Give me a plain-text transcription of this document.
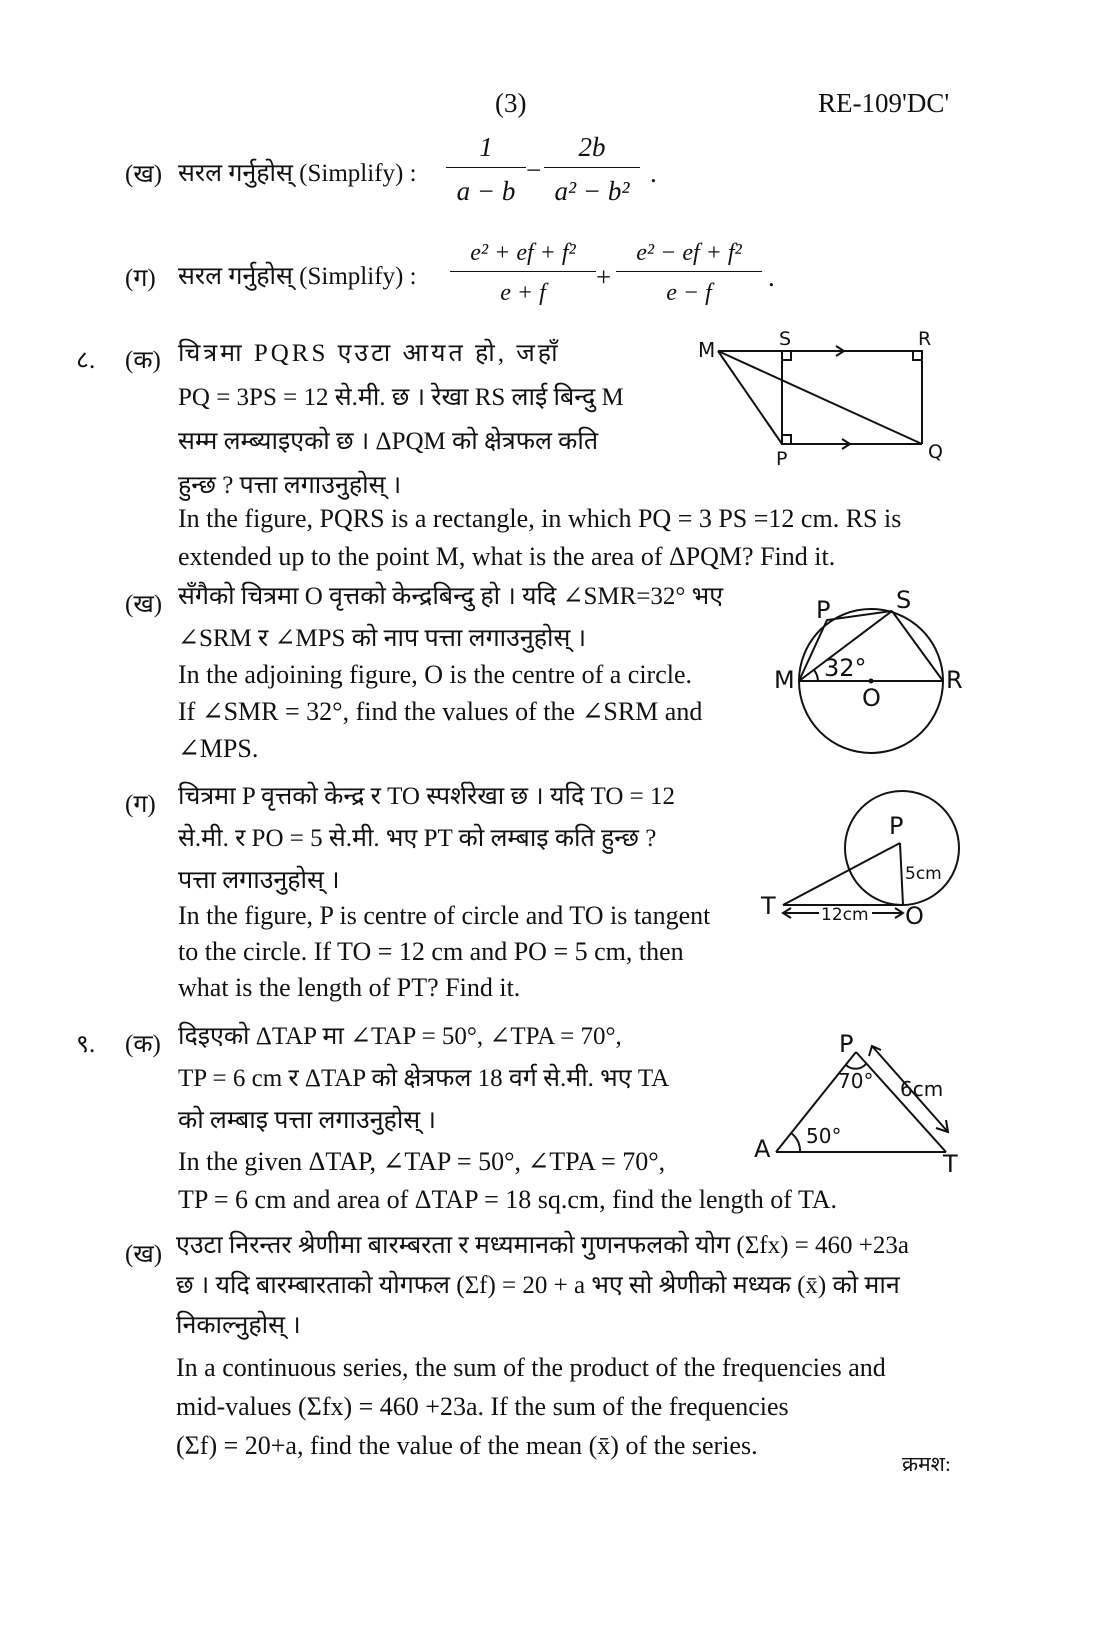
(3)	RE-109'DC'
(ख) सरल गर्नुहोस् (Simplify) : $\frac{1}{a - b} - \frac{2b}{\text{a² − b²}}$ .
(ग) सरल गर्नुहोस् (Simplify) : $\frac{\text{e² + ef + f²}}{e + f} + \frac{\text{e² − ef + f²}}{e - f}$ .
८. (क) चित्रमा PQRS एउटा आयत हो, जहाँ
PQ = 3PS = 12 से.मी. छ । रेखा RS लाई बिन्दु M
सम्म लम्ब्याइएको छ । ΔPQM को क्षेत्रफल कति
हुन्छ ? पत्ता लगाउनुहोस् ।
In the figure, PQRS is a rectangle, in which PQ = 3 PS =12 cm. RS is
extended up to the point M, what is the area of ΔPQM? Find it.
M	S	R
P	Q
(ख) सँगैको चित्रमा O वृत्तको केन्द्रबिन्दु हो । यदि ∠SMR=32° भए
∠SRM र ∠MPS को नाप पत्ता लगाउनुहोस् ।
In the adjoining figure, O is the centre of a circle.
If ∠SMR = 32°, find the values of the ∠SRM and
∠MPS.
P	S
M	R
O
32°
(ग) चित्रमा P वृत्तको केन्द्र र TO स्पर्शरेखा छ । यदि TO = 12
से.मी. र PO = 5 से.मी. भए PT को लम्बाइ कति हुन्छ ?
पत्ता लगाउनुहोस् ।
In the figure, P is centre of circle and TO is tangent
to the circle. If TO = 12 cm and PO = 5 cm, then
what is the length of PT? Find it.
P
T	O
5cm
12cm
९. (क) दिइएको ΔTAP मा ∠TAP = 50°, ∠TPA = 70°,
TP = 6 cm र ΔTAP को क्षेत्रफल 18 वर्ग से.मी. भए TA
को लम्बाइ पत्ता लगाउनुहोस् ।
In the given ΔTAP, ∠TAP = 50°, ∠TPA = 70°,
TP = 6 cm and area of ΔTAP = 18 sq.cm, find the length of TA.
P
A
T
70°
50°
6cm
(ख) एउटा निरन्तर श्रेणीमा बारम्बरता र मध्यमानको गुणनफलको योग (Σfx) = 460 +23a
छ । यदि बारम्बारताको योगफल (Σf) = 20 + a भए सो श्रेणीको मध्यक (x̄) को मान
निकाल्नुहोस् ।
In a continuous series, the sum of the product of the frequencies and
mid-values (Σfx) = 460 +23a. If the sum of the frequencies
(Σf) = 20+a, find the value of the mean (x̄) of the series.
क्रमश:
